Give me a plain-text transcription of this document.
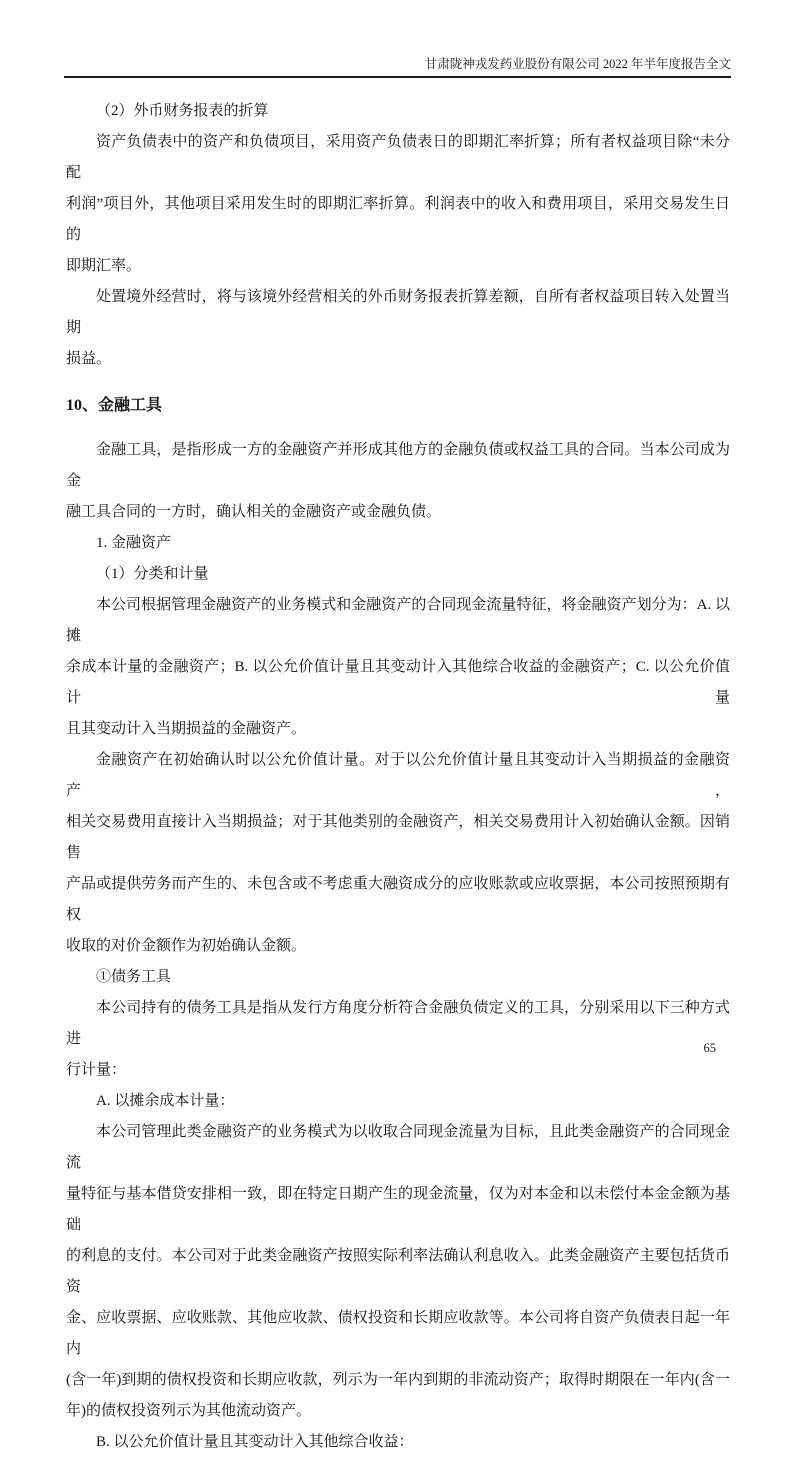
甘肃陇神戎发药业股份有限公司 2022 年半年度报告全文
（2）外币财务报表的折算
资产负债表中的资产和负债项目，采用资产负债表日的即期汇率折算；所有者权益项目除“未分配
利润”项目外，其他项目采用发生时的即期汇率折算。利润表中的收入和费用项目，采用交易发生日的
即期汇率。
处置境外经营时，将与该境外经营相关的外币财务报表折算差额，自所有者权益项目转入处置当期
损益。
10、金融工具
金融工具，是指形成一方的金融资产并形成其他方的金融负债或权益工具的合同。当本公司成为金
融工具合同的一方时，确认相关的金融资产或金融负债。
1. 金融资产
（1）分类和计量
本公司根据管理金融资产的业务模式和金融资产的合同现金流量特征，将金融资产划分为：A. 以摊
余成本计量的金融资产；B. 以公允价值计量且其变动计入其他综合收益的金融资产；C. 以公允价值计量
且其变动计入当期损益的金融资产。
金融资产在初始确认时以公允价值计量。对于以公允价值计量且其变动计入当期损益的金融资产，
相关交易费用直接计入当期损益；对于其他类别的金融资产，相关交易费用计入初始确认金额。因销售
产品或提供劳务而产生的、未包含或不考虑重大融资成分的应收账款或应收票据，本公司按照预期有权
收取的对价金额作为初始确认金额。
①债务工具
本公司持有的债务工具是指从发行方角度分析符合金融负债定义的工具，分别采用以下三种方式进
行计量：
A. 以摊余成本计量：
本公司管理此类金融资产的业务模式为以收取合同现金流量为目标，且此类金融资产的合同现金流
量特征与基本借贷安排相一致，即在特定日期产生的现金流量，仅为对本金和以未偿付本金金额为基础
的利息的支付。本公司对于此类金融资产按照实际利率法确认利息收入。此类金融资产主要包括货币资
金、应收票据、应收账款、其他应收款、债权投资和长期应收款等。本公司将自资产负债表日起一年内
(含一年)到期的债权投资和长期应收款，列示为一年内到期的非流动资产；取得时期限在一年内(含一
年)的债权投资列示为其他流动资产。
B. 以公允价值计量且其变动计入其他综合收益：
65
